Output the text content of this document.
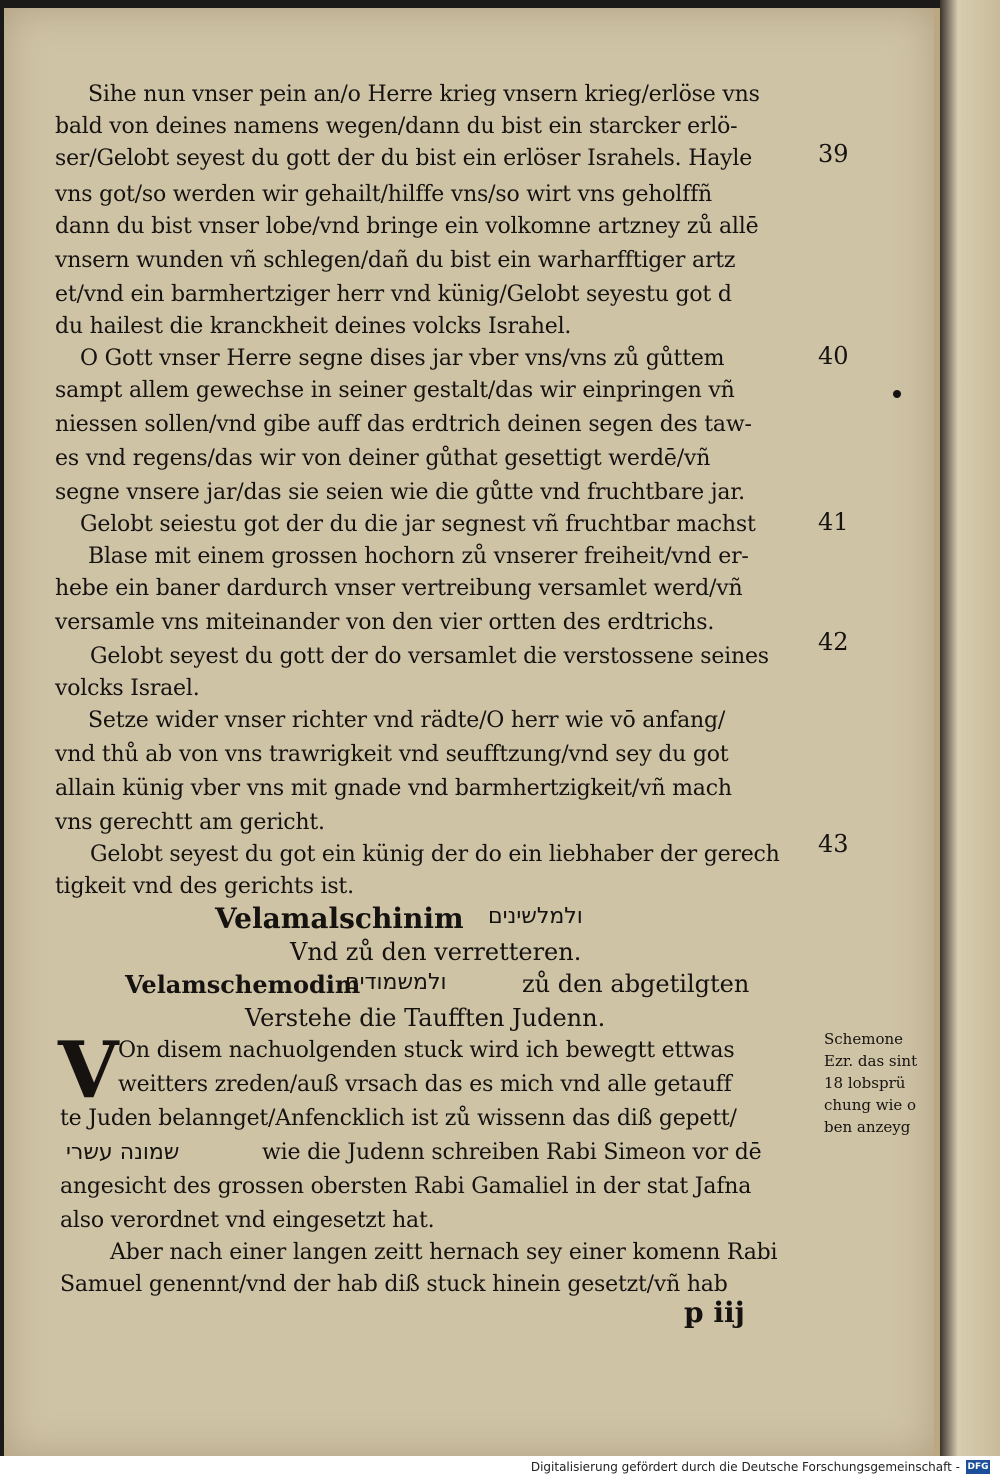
Sihe nun vnser pein an/o Herre krieg vnsern krieg/erlöse vns
bald von deines namens wegen/dann du bist ein starcker erlö-
ser/Gelobt seyest du gott der du bist ein erlöser Israhels. Hayle
vns got/so werden wir gehailt/hilffe vns/so wirt vns geholffñ
dann du bist vnser lobe/vnd bringe ein volkomne artzney zů allē
vnsern wunden vñ schlegen/dañ du bist ein warharfftiger artz
et/vnd ein barmhertziger herr vnd künig/Gelobt seyestu got d
du hailest die kranckheit deines volcks Israhel.
O Gott vnser Herre segne dises jar vber vns/vns zů gůttem
sampt allem gewechse in seiner gestalt/das wir einpringen vñ
niessen sollen/vnd gibe auff das erdtrich deinen segen des taw-
es vnd regens/das wir von deiner gůthat gesettigt werdē/vñ
segne vnsere jar/das sie seien wie die gůtte vnd fruchtbare jar.
Gelobt seiestu got der du die jar segnest vñ fruchtbar machst
Blase mit einem grossen hochorn zů vnserer freiheit/vnd er-
hebe ein baner dardurch vnser vertreibung versamlet werd/vñ
versamle vns miteinander von den vier ortten des erdtrichs.
Gelobt seyest du gott der do versamlet die verstossene seines
volcks Israel.
Setze wider vnser richter vnd rädte/O herr wie vō anfang/
vnd thů ab von vns trawrigkeit vnd seufftzung/vnd sey du got
allain künig vber vns mit gnade vnd barmhertzigkeit/vñ mach
vns gerechtt am gericht.
Gelobt seyest du got ein künig der do ein liebhaber der gerech
tigkeit vnd des gerichts ist.
39
40
41
42
43
Velamalschinim ולמלשינים
Vnd zů den verretteren.
Velamschemodim
ולמשמודים	zů den abgetilgten
Verstehe die Taufften Judenn.
V On disem nachuolgenden stuck wird ich bewegtt ettwas
weitters zreden/auß vrsach das es mich vnd alle getauff
te Juden belannget/Anfencklich ist zů wissenn das diß gepett/
שמונה עשרי	wie die Judenn schreiben Rabi Simeon vor dē
angesicht des grossen obersten Rabi Gamaliel in der stat Jafna
also verordnet vnd eingesetzt hat.
Aber nach einer langen zeitt hernach sey einer komenn Rabi
Samuel genennt/vnd der hab diß stuck hinein gesetzt/vñ hab
Schemone
Ezr. das sint
18 lobsprü
chung wie o
ben anzeyg
p iij
Digitalisierung gefördert durch die Deutsche Forschungsgemeinschaft - DFG
